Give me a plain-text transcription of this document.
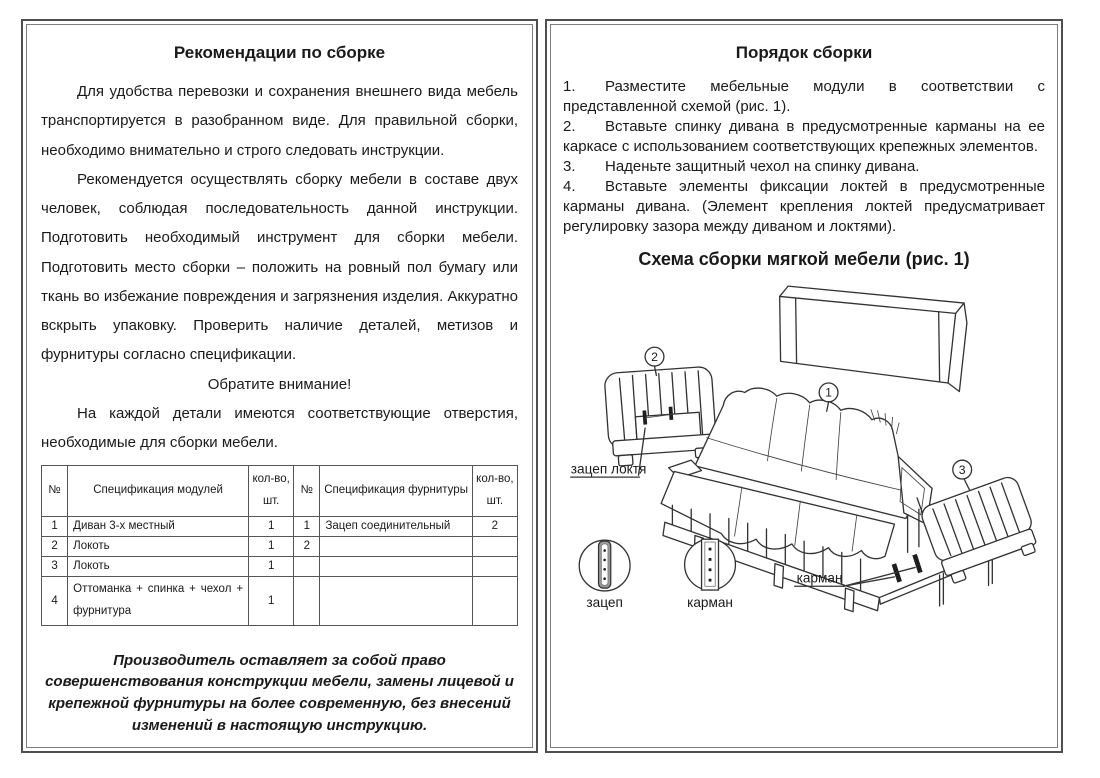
Рекомендации по сборке

Для удобства перевозки и сохранения внешнего вида мебель транспортируется в разобранном виде. Для правильной сборки, необходимо внимательно и строго следовать инструкции.

Рекомендуется осуществлять сборку мебели в составе двух человек, соблюдая последовательность данной инструкции. Подготовить необходимый инструмент для сборки мебели. Подготовить место сборки – положить на ровный пол бумагу или ткань во избежание повреждения и загрязнения изделия. Аккуратно вскрыть упаковку. Проверить наличие деталей, метизов и фурнитуры согласно спецификации.

Обратите внимание!

На каждой детали имеются соответствующие отверстия, необходимые для сборки мебели.

№	Спецификация модулей	кол-во, шт.	№	Спецификация фурнитуры	кол-во, шт.
1	Диван 3-х местный	1	1	Зацеп соединительный	2
2	Локоть	1	2		
3	Локоть	1			
4	Оттоманка + спинка + чехол + фурнитура	1			

Производитель оставляет за собой право совершенствования конструкции мебели, замены лицевой и крепежной фурнитуры на более современную, без внесений изменений в настоящую инструкцию.

Порядок сборки

1. Разместите мебельные модули в соответствии с представленной схемой (рис. 1).

2. Вставьте спинку дивана в предусмотренные карманы на ее каркасе с использованием соответствующих крепежных элементов.

3. Наденьте защитный чехол на спинку дивана.

4. Вставьте элементы фиксации локтей в предусмотренные карманы дивана. (Элемент крепления локтей предусматривает регулировку зазора между диваном и локтями).

Схема сборки мягкой мебели (рис. 1)
2
зацеп локтя
1
карман
3
зацеп	карман
